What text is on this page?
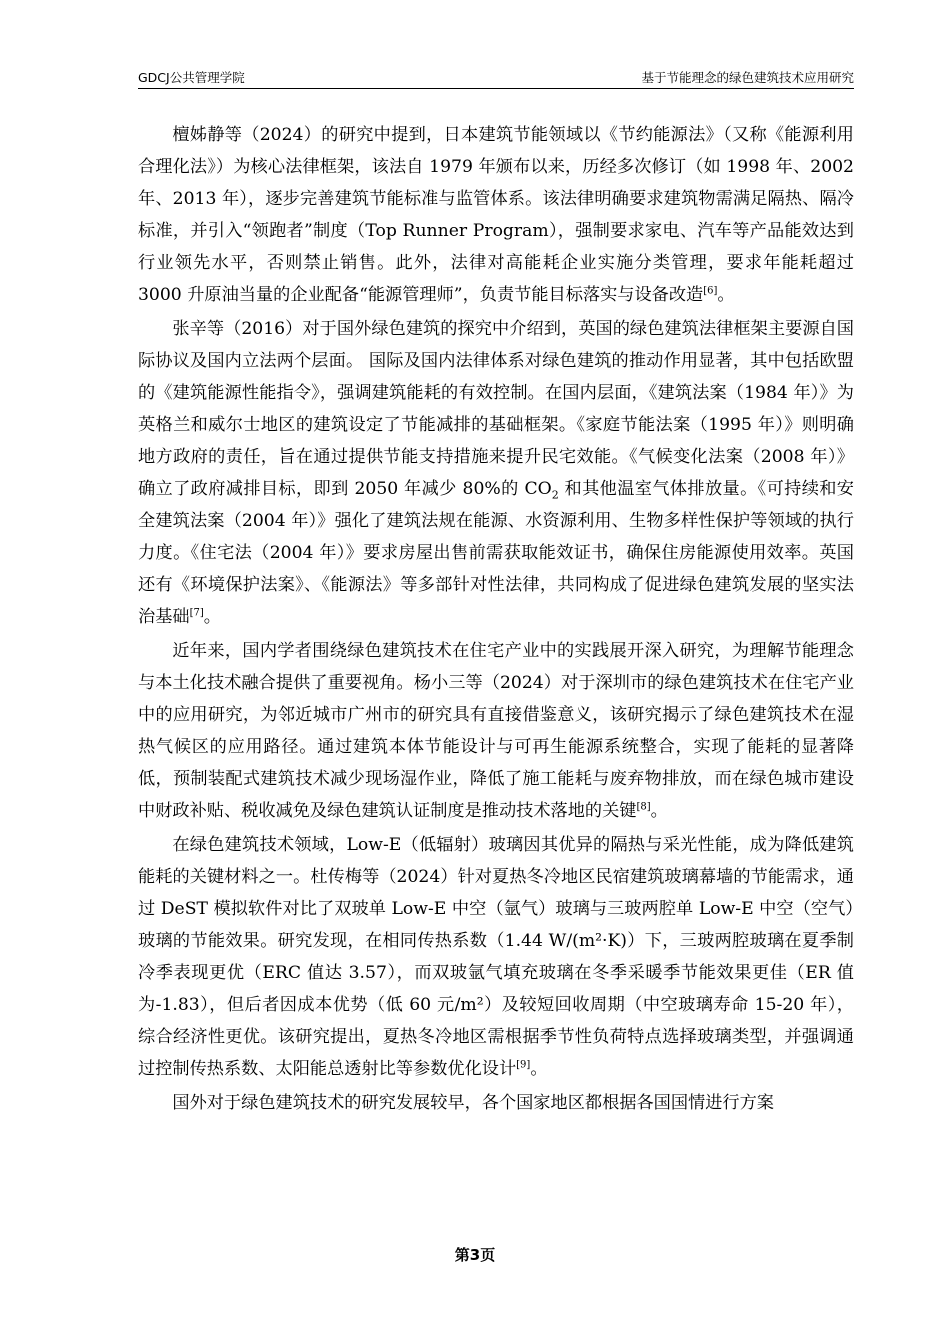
GDCJ公共管理学院	基于节能理念的绿色建筑技术应用研究

檀姊静等（2024）的研究中提到，日本建筑节能领域以《节约能源法》（又称《能源利用合理化法》）为核心法律框架，该法自 1979 年颁布以来，历经多次修订（如 1998 年、2002 年、2013 年），逐步完善建筑节能标准与监管体系。该法律明确要求建筑物需满足隔热、隔冷标准，并引入“领跑者”制度（Top Runner Program），强制要求家电、汽车等产品能效达到行业领先水平，否则禁止销售。此外，法律对高能耗企业实施分类管理，要求年能耗超过 3000 升原油当量的企业配备“能源管理师”，负责节能目标落实与设备改造[6]。

张辛等（2016）对于国外绿色建筑的探究中介绍到，英国的绿色建筑法律框架主要源自国际协议及国内立法两个层面。 国际及国内法律体系对绿色建筑的推动作用显著，其中包括欧盟的《建筑能源性能指令》，强调建筑能耗的有效控制。在国内层面，《建筑法案（1984 年）》为英格兰和威尔士地区的建筑设定了节能减排的基础框架。《家庭节能法案（1995 年）》则明确地方政府的责任，旨在通过提供节能支持措施来提升民宅效能。《气候变化法案（2008 年）》确立了政府减排目标，即到 2050 年减少 80%的 $CO_2$ 和其他温室气体排放量。《可持续和安全建筑法案（2004 年）》强化了建筑法规在能源、水资源利用、生物多样性保护等领域的执行力度。《住宅法（2004 年）》要求房屋出售前需获取能效证书，确保住房能源使用效率。英国还有《环境保护法案》、《能源法》等多部针对性法律，共同构成了促进绿色建筑发展的坚实法治基础[7]。

近年来，国内学者围绕绿色建筑技术在住宅产业中的实践展开深入研究，为理解节能理念与本土化技术融合提供了重要视角。杨小三等（2024）对于深圳市的绿色建筑技术在住宅产业中的应用研究，为邻近城市广州市的研究具有直接借鉴意义，该研究揭示了绿色建筑技术在湿热气候区的应用路径。通过建筑本体节能设计与可再生能源系统整合，实现了能耗的显著降低，预制装配式建筑技术减少现场湿作业，降低了施工能耗与废弃物排放，而在绿色城市建设中财政补贴、税收减免及绿色建筑认证制度是推动技术落地的关键[8]。

在绿色建筑技术领域，Low-E（低辐射）玻璃因其优异的隔热与采光性能，成为降低建筑能耗的关键材料之一。杜传梅等（2024）针对夏热冬冷地区民宿建筑玻璃幕墙的节能需求，通过 DeST 模拟软件对比了双玻单 Low-E 中空（氩气）玻璃与三玻两腔单 Low-E 中空（空气）玻璃的节能效果。研究发现，在相同传热系数（1.44 W/(m²·K)）下，三玻两腔玻璃在夏季制冷季表现更优（ERC 值达 3.57），而双玻氩气填充玻璃在冬季采暖季节能效果更佳（ER 值为-1.83），但后者因成本优势（低 60 元/m²）及较短回收周期（中空玻璃寿命 15-20 年），综合经济性更优。该研究提出，夏热冬冷地区需根据季节性负荷特点选择玻璃类型，并强调通过控制传热系数、太阳能总透射比等参数优化设计[9]。

国外对于绿色建筑技术的研究发展较早，各个国家地区都根据各国国情进行方案

第3页
